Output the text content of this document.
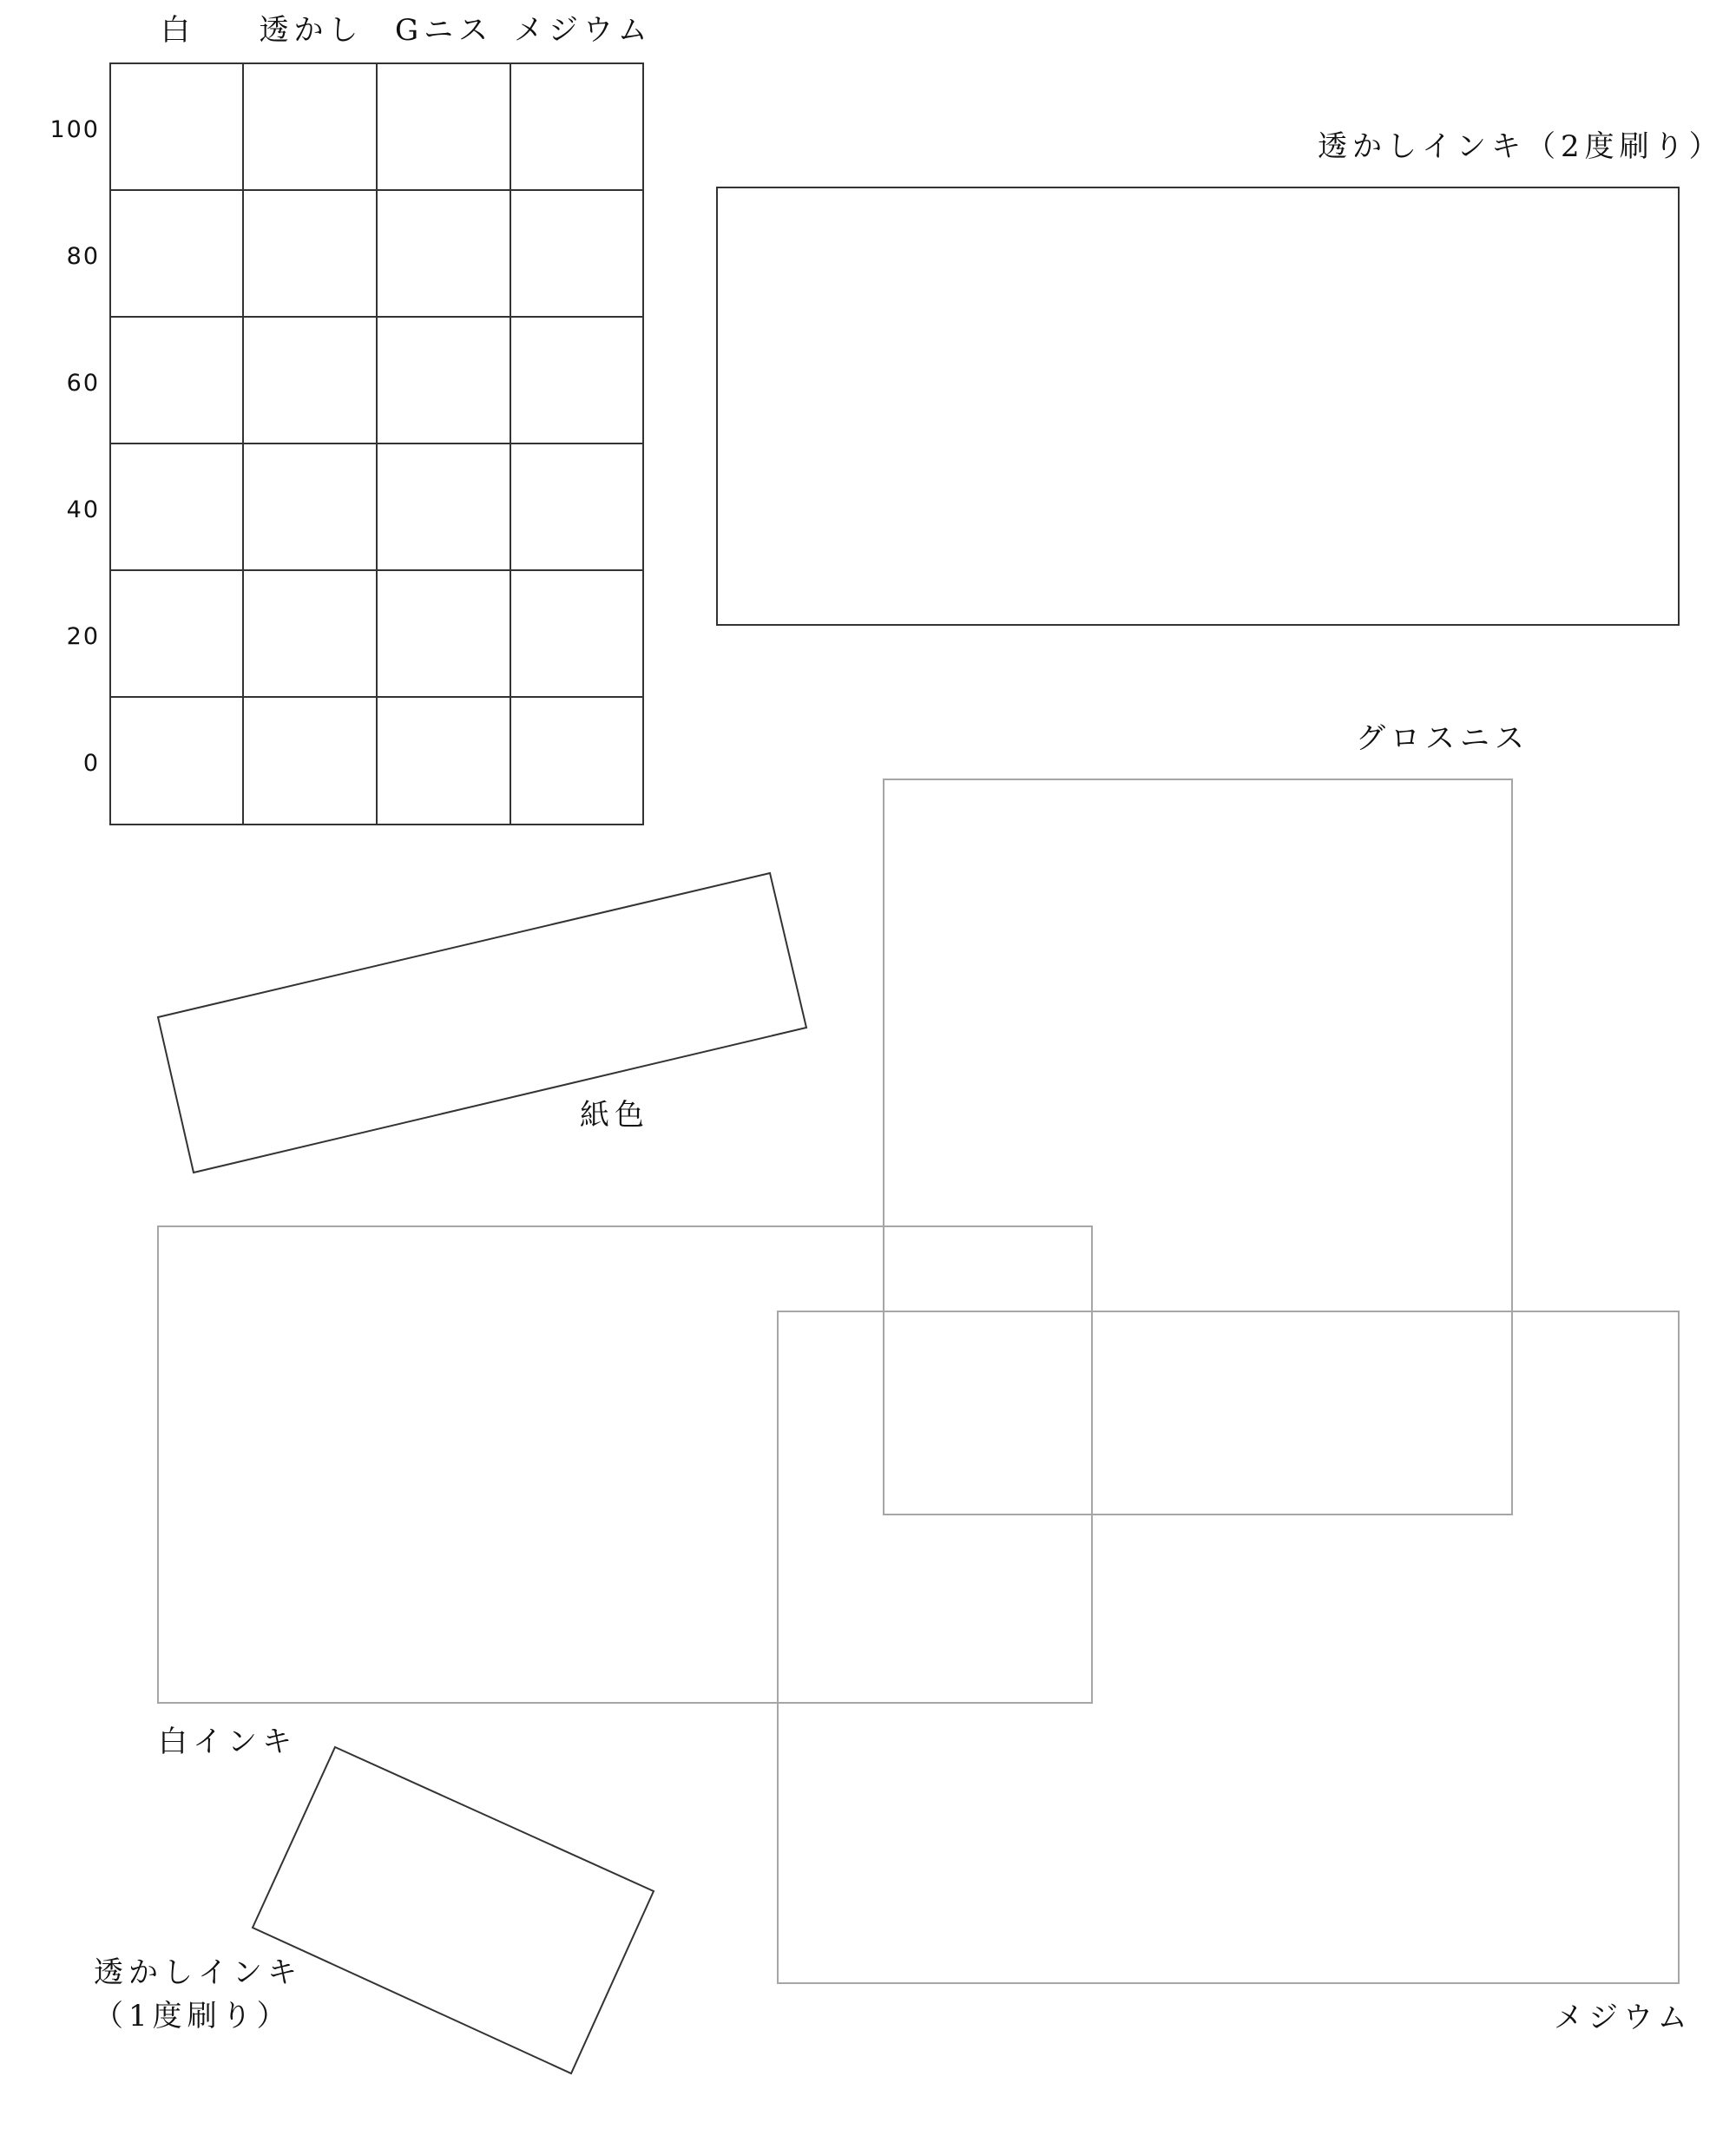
白	透かし Gニス メジウム
100
80
60
40
20
0
透かしインキ（2度刷り）
グロスニス
紙色
白インキ
透かしインキ
（1度刷り）	メジウム
